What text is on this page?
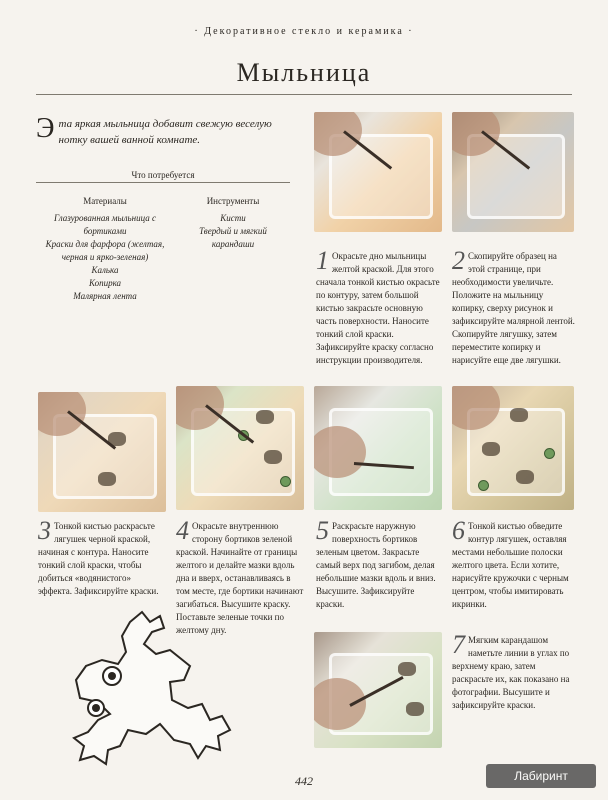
· Декоративное стекло и керамика ·
Мыльница
Э та яркая мыльница добавит свежую веселую нотку вашей ванной комнате.
Что потребуется
Материалы
Глазурованная мыльница с бортиками
Краски для фарфора (желтая, черная и ярко-зеленая)
Калька
Копирка
Малярная лента
Инструменты
Кисти
Твердый и мягкий карандаши
1 Окрасьте дно мыльницы желтой краской. Для этого сначала тонкой кистью окрасьте по контуру, затем большой кистью закрасьте основную часть поверхности. Наносите тонкий слой краски. Зафиксируйте краску согласно инструкции производителя.
2 Скопируйте образец на этой странице, при необходимости увеличьте. Положите на мыльницу копирку, сверху рисунок и зафиксируйте малярной лентой. Скопируйте лягушку, затем переместите копирку и нарисуйте еще две лягушки.
3 Тонкой кистью раскрасьте лягушек черной краской, начиная с контура. Наносите тонкий слой краски, чтобы добиться «водянистого» эффекта. Зафиксируйте краски.
4 Окрасьте внутреннюю сторону бортиков зеленой краской. Начинайте от границы желтого и делайте мазки вдоль дна и вверх, останавливаясь в том месте, где бортики начинают загибаться. Высушите краску. Поставьте зеленые точки по желтому дну.
5 Раскрасьте наружную поверхность бортиков зеленым цветом. Закрасьте самый верх под загибом, делая небольшие мазки вдоль и вниз. Высушите. Зафиксируйте краски.
6 Тонкой кистью обведите контур лягушек, оставляя местами небольшие полоски желтого цвета. Если хотите, нарисуйте кружочки с черным центром, чтобы имитировать икринки.
7 Мягким карандашом наметьте линии в углах по верхнему краю, затем раскрасьте их, как показано на фотографии. Высушите и зафиксируйте краски.
442	Лабиринт
